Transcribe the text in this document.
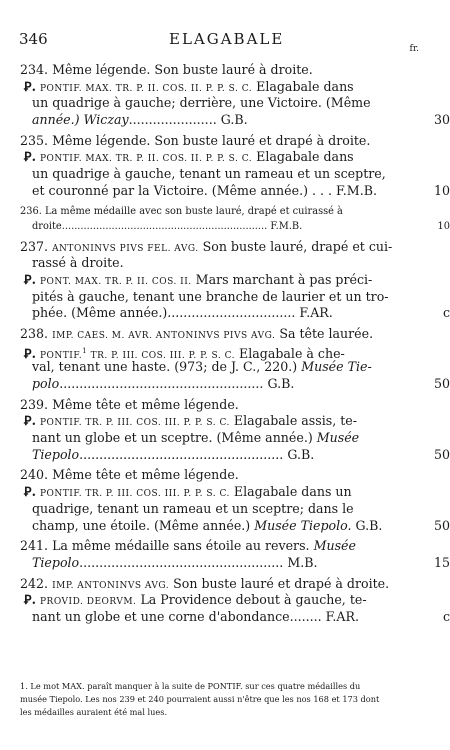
346	ELAGABALE
fr.
234. Même légende. Son buste lauré à droite.
Ꝑ. PONTIF. MAX. TR. P. II. COS. II. P. P. S. C. Elagabale dans
un quadrige à gauche; derrière, une Victoire. (Même
année.) Wiczay...................... G.B.	30
235. Même légende. Son buste lauré et drapé à droite.
Ꝑ. PONTIF. MAX. TR. P. II. COS. II. P. P. S. C. Elagabale dans
un quadrige à gauche, tenant un rameau et un sceptre,
et couronné par la Victoire. (Même année.) . . . F.M.B.	10
236. La même médaille avec son buste lauré, drapé et cuirassé à
droite.................................................................. F.M.B.	10
237. ANTONINVS PIVS FEL. AVG. Son buste lauré, drapé et cui-
rassé à droite.
Ꝑ. PONT. MAX. TR. P. II. COS. II. Mars marchant à pas préci-
pités à gauche, tenant une branche de laurier et un tro-
phée. (Même année.)................................ F.AR.	c
238. IMP. CAES. M. AVR. ANTONINVS PIVS AVG. Sa tête laurée.
Ꝑ. PONTIF.$^1$ TR. P. III. COS. III. P. P. S. C. Elagabale à che-
val, tenant une haste. (973; de J. C., 220.) Musée Tie-
polo................................................... G.B.	50
239. Même tête et même légende.
Ꝑ. PONTIF. TR. P. III. COS. III. P. P. S. C. Elagabale assis, te-
nant un globe et un sceptre. (Même année.) Musée
Tiepolo................................................... G.B.	50
240. Même tête et même légende.
Ꝑ. PONTIF. TR. P. III. COS. III. P. P. S. C. Elagabale dans un
quadrige, tenant un rameau et un sceptre; dans le
champ, une étoile. (Même année.) Musée Tiepolo. G.B.	50
241. La même médaille sans étoile au revers. Musée
Tiepolo................................................... M.B.	15
242. IMP. ANTONINVS AVG. Son buste lauré et drapé à droite.
Ꝑ. PROVID. DEORVM. La Providence debout à gauche, te-
nant un globe et une corne d'abondance........ F.AR.	c
1. Le mot MAX. paraît manquer à la suite de PONTIF. sur ces quatre médailles du
musée Tiepolo. Les nos 239 et 240 pourraient aussi n'être que les nos 168 et 173 dont
les médailles auraient été mal lues.
